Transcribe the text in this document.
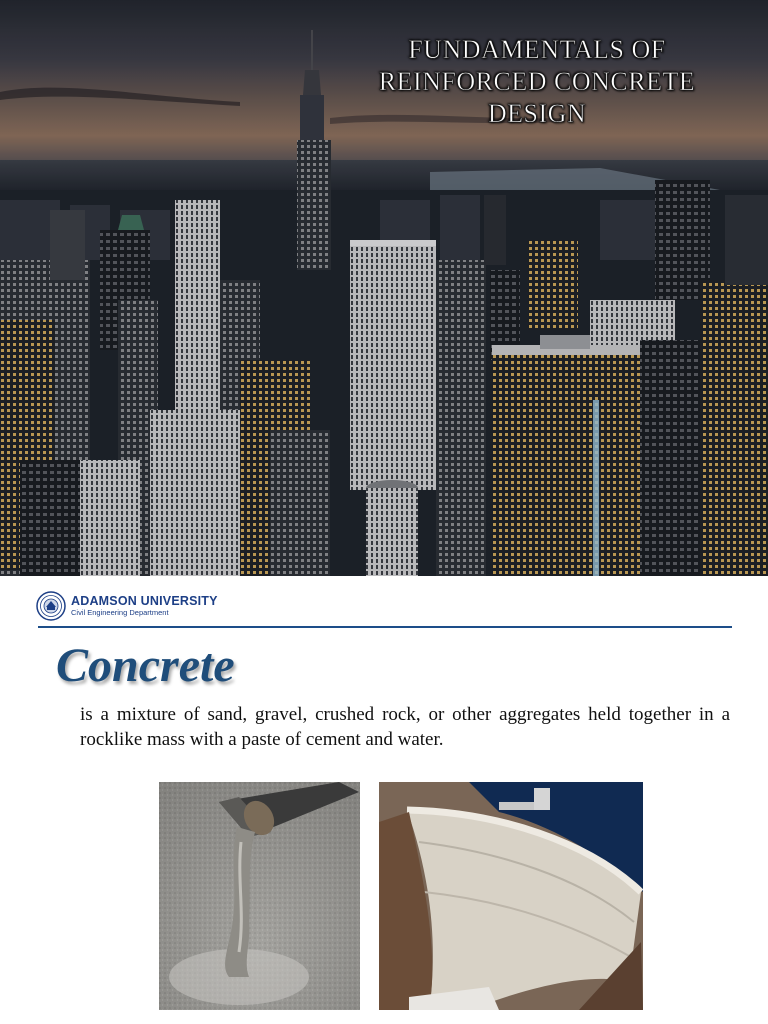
FUNDAMENTALS OF
REINFORCED CONCRETE
DESIGN
ADAMSON UNIVERSITY
Civil Engineering Department
Concrete
is a mixture of sand, gravel, crushed rock, or other aggregates held together in a rocklike mass with a paste of cement and water.
